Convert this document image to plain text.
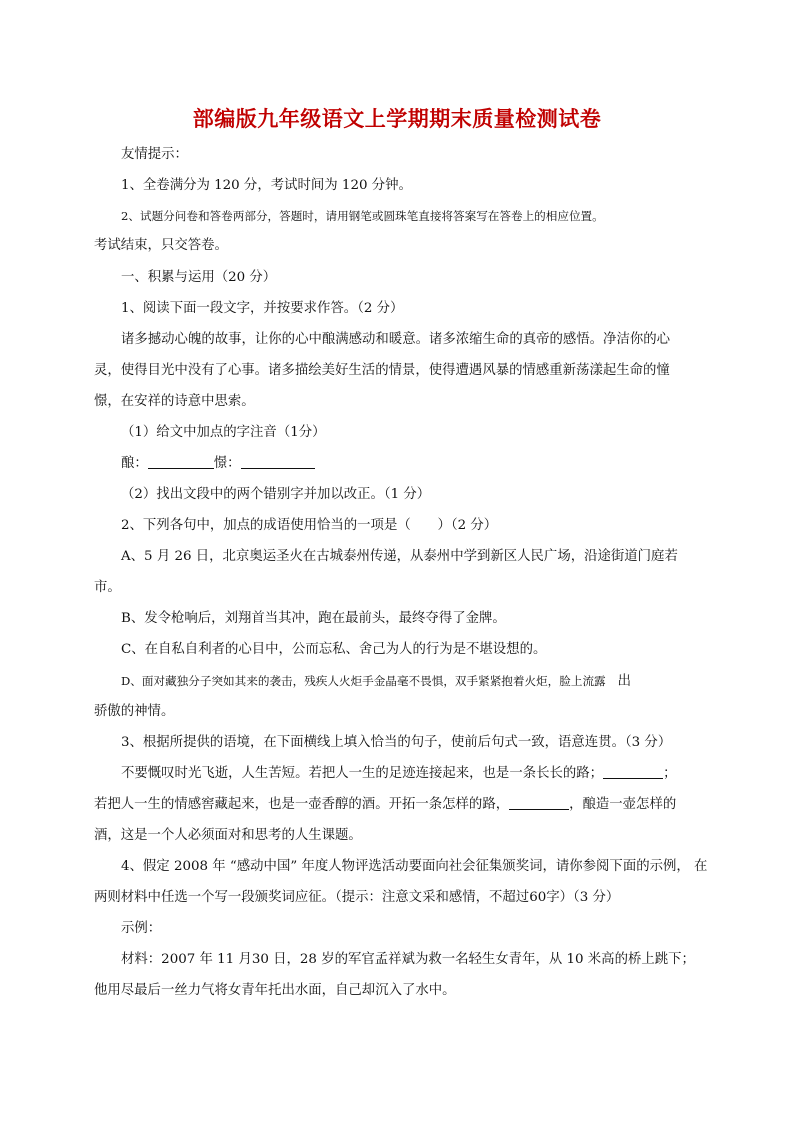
部编版九年级语文上学期期末质量检测试卷
友情提示：
1、全卷满分为 120 分，考试时间为 120 分钟。
2、试题分问卷和答卷两部分，答题时，请用钢笔或圆珠笔直接将答案写在答卷上的相应位置。
考试结束，只交答卷。
一、积累与运用（20 分）
1、阅读下面一段文字，并按要求作答。（2 分）
诸多撼动心魄的故事，让你的心中酿满感动和暖意。诸多浓缩生命的真帝的感悟。净洁你的心
灵，使得目光中没有了心事。诸多描绘美好生活的情景，使得遭遇风暴的情感重新荡漾起生命的憧
憬，在安祥的诗意中思索。
（1）给文中加点的字注音（1分）
酿：	憬：
（2）找出文段中的两个错别字并加以改正。（1 分）
2、下列各句中，加点的成语使用恰当的一项是（　　）（2 分）
A、5 月 26 日，北京奥运圣火在古城泰州传递，从泰州中学到新区人民广场，沿途街道门庭若
市。
B、发令枪响后，刘翔首当其冲，跑在最前头，最终夺得了金牌。
C、在自私自利者的心目中，公而忘私、舍己为人的行为是不堪设想的。
D、面对藏独分子突如其来的袭击，残疾人火炬手金晶毫不畏惧，双手紧紧抱着火炬，脸上流露 出
骄傲的神情。
3、根据所提供的语境，在下面横线上填入恰当的句子，使前后句式一致，语意连贯。（3 分）
不要慨叹时光飞逝，人生苦短。若把人一生的足迹连接起来，也是一条长长的路；	；
若把人一生的情感窖藏起来，也是一壶香醇的酒。开拓一条怎样的路，	，酿造一壶怎样的
酒，这是一个人必须面对和思考的人生课题。
4、假定 2008 年 “感动中国” 年度人物评选活动要面向社会征集颁奖词，请你参阅下面的示例， 在
两则材料中任选一个写一段颁奖词应征。（提示：注意文采和感情，不超过60字）（3 分）
示例：
材料：2007 年 11 月30 日，28 岁的军官孟祥斌为救一名轻生女青年，从 10 米高的桥上跳下；
他用尽最后一丝力气将女青年托出水面，自己却沉入了水中。
